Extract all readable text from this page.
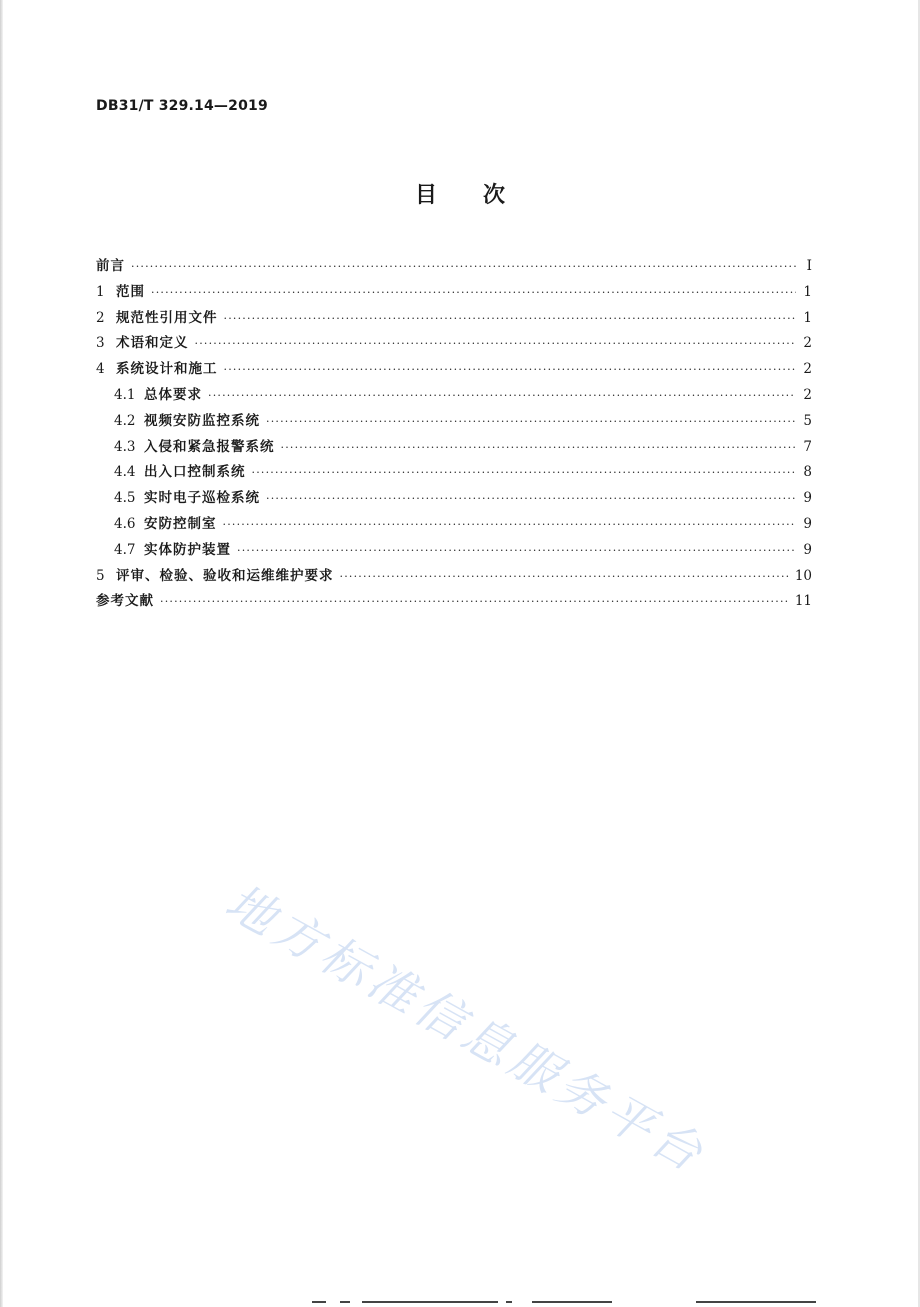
DB31/T 329.14—2019
目 次
前言 ·····	Ⅰ
1 范围 ·····	1
2 规范性引用文件 ·····	1
3 术语和定义 ·····	2
4 系统设计和施工 ·····	2
4.1 总体要求 ·····	2
4.2 视频安防监控系统 ·····	5
4.3 入侵和紧急报警系统 ·····	7
4.4 出入口控制系统 ·····	8
4.5 实时电子巡检系统 ·····	9
4.6 安防控制室 ·····	9
4.7 实体防护装置 ·····	9
5 评审、检验、验收和运维维护要求 ·····	10
参考文献 ·····	11
地方标准信息服务平台
